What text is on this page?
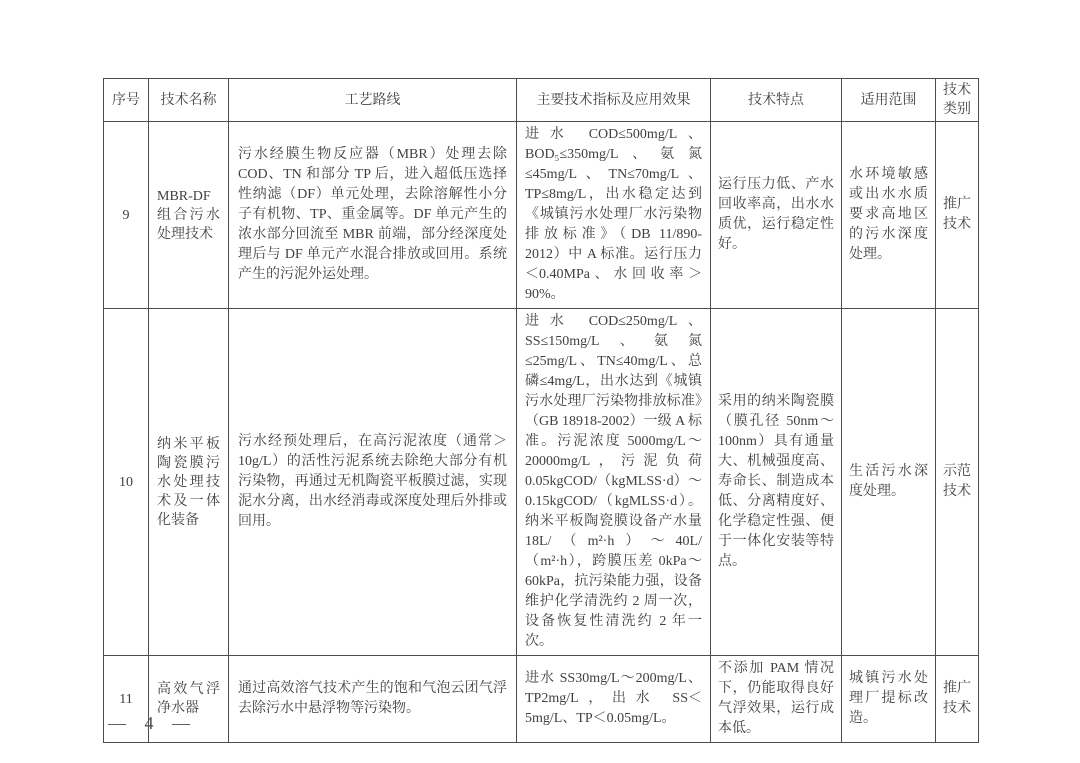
序号	技术名称	工艺路线	主要技术指标及应用效果	技术特点	适用范围	技术类别
9	MBR-DF 组合污水处理技术	污水经膜生物反应器（MBR）处理去除 COD、TN 和部分 TP 后，进入超低压选择性纳滤（DF）单元处理，去除溶解性小分子有机物、TP、重金属等。DF 单元产生的浓水部分回流至 MBR 前端，部分经深度处理后与 DF 单元产水混合排放或回用。系统产生的污泥外运处理。	进水 COD≤500mg/L、BOD₅≤350mg/L、氨氮≤45mg/L、TN≤70mg/L、TP≤8mg/L，出水稳定达到《城镇污水处理厂水污染物排放标准》（DB 11/890-2012）中 A 标准。运行压力＜0.40MPa、水回收率＞90%。	运行压力低、产水回收率高，出水水质优，运行稳定性好。	水环境敏感或出水水质要求高地区的污水深度处理。	推广技术
10	纳米平板陶瓷膜污水处理技术及一体化装备	污水经预处理后，在高污泥浓度（通常＞10g/L）的活性污泥系统去除绝大部分有机污染物，再通过无机陶瓷平板膜过滤，实现泥水分离，出水经消毒或深度处理后外排或回用。	进水 COD≤250mg/L、SS≤150mg/L、氨氮≤25mg/L、TN≤40mg/L、总磷≤4mg/L，出水达到《城镇污水处理厂污染物排放标准》（GB 18918-2002）一级 A 标准。污泥浓度 5000mg/L～20000mg/L，污泥负荷 0.05kgCOD/（kgMLSS·d）～0.15kgCOD/（kgMLSS·d）。纳米平板陶瓷膜设备产水量 18L/（m²·h）～40L/（m²·h），跨膜压差 0kPa～60kPa，抗污染能力强，设备维护化学清洗约 2 周一次，设备恢复性清洗约 2 年一次。	采用的纳米陶瓷膜（膜孔径 50nm～100nm）具有通量大、机械强度高、寿命长、制造成本低、分离精度好、化学稳定性强、便于一体化安装等特点。	生活污水深度处理。	示范技术
11	高效气浮净水器	通过高效溶气技术产生的饱和气泡云团气浮去除污水中悬浮物等污染物。	进水 SS30mg/L～200mg/L、TP2mg/L，出水 SS＜5mg/L、TP＜0.05mg/L。	不添加 PAM 情况下，仍能取得良好气浮效果，运行成本低。	城镇污水处理厂提标改造。	推广技术
— 4 —
